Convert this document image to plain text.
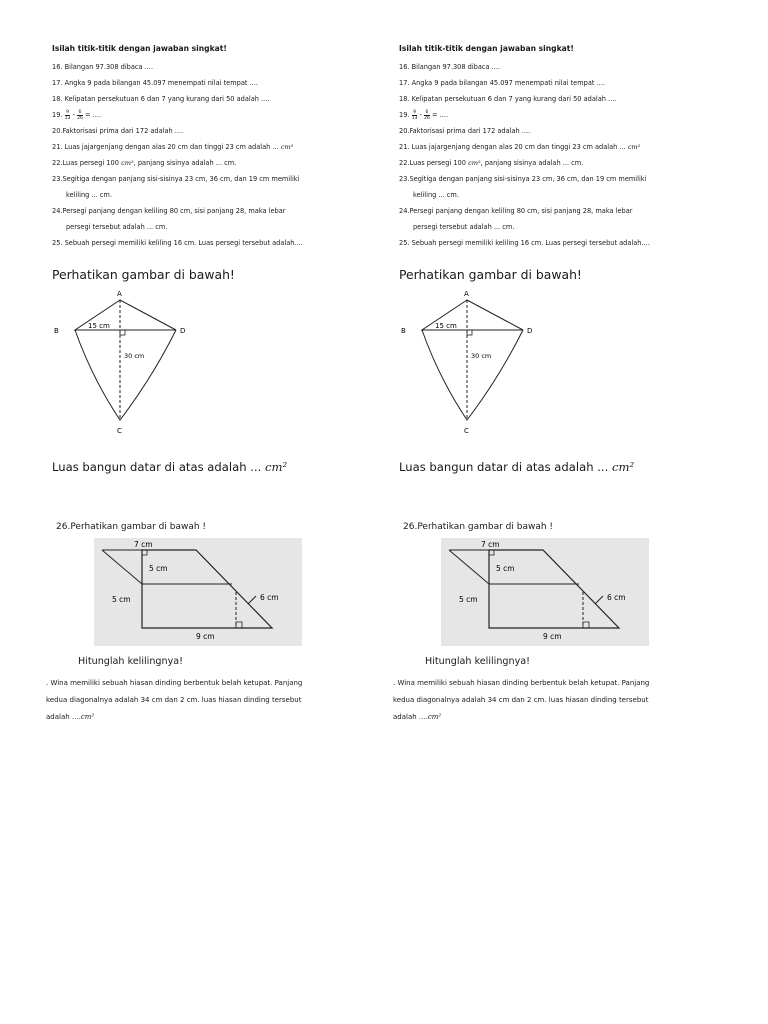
Isilah titik-titik dengan jawaban singkat!
16. Bilangan 97.308 dibaca ....
17. Angka 9 pada bilangan 45.097 menempati nilai tempat ....
18. Kelipatan persekutuan 6 dan 7 yang kurang dari 50 adalah ....
19. $\frac{9}{13} - \frac{6}{26}$ = ....
20.Faktorisasi prima dari 172 adalah ....
21. Luas jajargenjang dengan alas 20 cm dan tinggi 23 cm adalah ... cm²
22.Luas persegi 100 cm², panjang sisinya adalah ... cm.
23.Segitiga dengan panjang sisi-sisinya 23 cm, 36 cm, dan 19 cm memiliki
keliling ... cm.
24.Persegi panjang dengan keliling 80 cm, sisi panjang 28, maka lebar
persegi tersebut adalah ... cm.
25. Sebuah persegi memiliki keliling 16 cm. Luas persegi tersebut adalah....
Perhatikan gambar di bawah!
A
B	D
C
15 cm
30 cm
Luas bangun datar di atas adalah ... cm²
26.Perhatikan gambar di bawah !
7 cm
5 cm
5 cm	6 cm
9 cm
Hitunglah kelilingnya!
. Wina memiliki sebuah hiasan dinding berbentuk belah ketupat. Panjang
kedua diagonalnya adalah 34 cm dan 2 cm. luas hiasan dinding tersebut
adalah ....cm²
Isilah titik-titik dengan jawaban singkat!
16. Bilangan 97.308 dibaca ....
17. Angka 9 pada bilangan 45.097 menempati nilai tempat ....
18. Kelipatan persekutuan 6 dan 7 yang kurang dari 50 adalah ....
19. $\frac{9}{13} - \frac{6}{26}$ = ....
20.Faktorisasi prima dari 172 adalah ....
21. Luas jajargenjang dengan alas 20 cm dan tinggi 23 cm adalah ... cm²
22.Luas persegi 100 cm², panjang sisinya adalah ... cm.
23.Segitiga dengan panjang sisi-sisinya 23 cm, 36 cm, dan 19 cm memiliki
keliling ... cm.
24.Persegi panjang dengan keliling 80 cm, sisi panjang 28, maka lebar
persegi tersebut adalah ... cm.
25. Sebuah persegi memiliki keliling 16 cm. Luas persegi tersebut adalah....
Perhatikan gambar di bawah!
A
B	D
C
15 cm
30 cm
Luas bangun datar di atas adalah ... cm²
26.Perhatikan gambar di bawah !
7 cm
5 cm
5 cm	6 cm
9 cm
Hitunglah kelilingnya!
. Wina memiliki sebuah hiasan dinding berbentuk belah ketupat. Panjang
kedua diagonalnya adalah 34 cm dan 2 cm. luas hiasan dinding tersebut
adalah ....cm²
